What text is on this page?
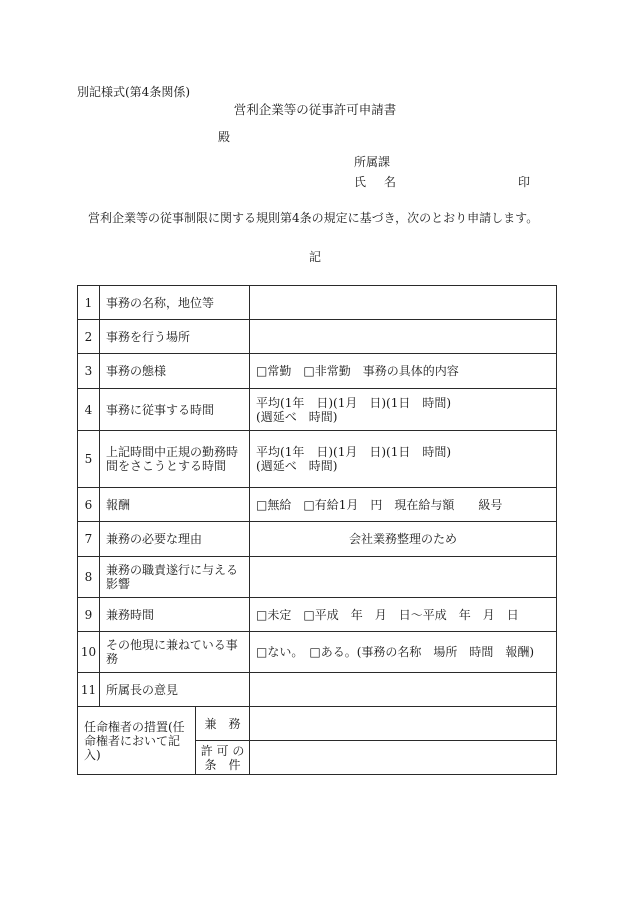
別記様式(第4条関係)
営利企業等の従事許可申請書
殿
所属課
氏 名	印
営利企業等の従事制限に関する規則第4条の規定に基づき，次のとおり申請します。
記
1	事務の名称，地位等		
2	事務を行う場所		
3	事務の態様		□常勤　□非常勤　事務の具体的内容
4	事務に従事する時間		平均(1年　日)(1月　日)(1日　時間)
(週延べ　時間)

5	上記時間中正規の勤務時間をさこうとする時間		平均(1年　日)(1月　日)(1日　時間)
(週延べ　時間)

6	報酬		□無給　□有給1月　円　現在給与額　　級号
7	兼務の必要な理由		会社業務整理のため
8	兼務の職責遂行に与える影響		
9	兼務時間		□未定　□平成　年　月　日～平成　年　月　日
10	その他現に兼ねている事務		□ない。　□ある。(事務の名称　場所　時間　報酬)
11	所属長の意見		
任命権者の措置(任命権者において記入)		兼　務	

		許 可 の
条　件	
